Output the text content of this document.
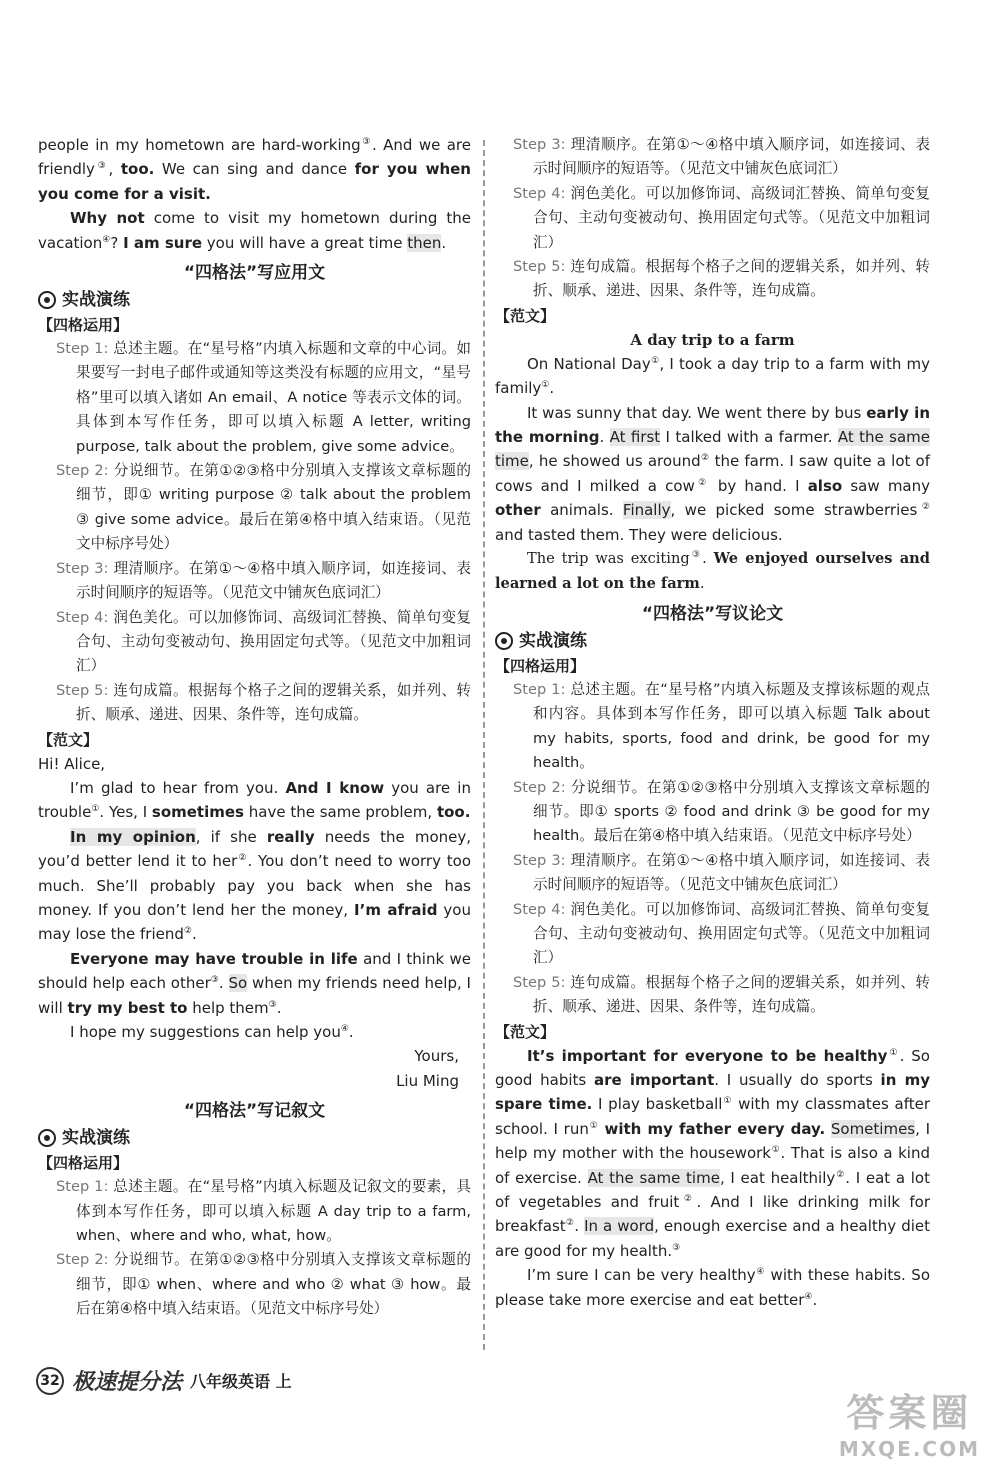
people in my hometown are hard-working③. And we are friendly③, too. We can sing and dance for you when you come for a visit.

Why not come to visit my hometown during the vacation④? I am sure you will have a great time then.

“四格法”写应用文
实战演练
【四格运用】

Step 1: 总述主题。在“星号格”内填入标题和文章的中心词。如果要写一封电子邮件或通知等这类没有标题的应用文，“星号格”里可以填入诸如 An email、A notice 等表示文体的词。具体到本写作任务，即可以填入标题 A letter, writing purpose, talk about the problem, give some advice。

Step 2: 分说细节。在第①②③格中分别填入支撑该文章标题的细节，即① writing purpose ② talk about the problem ③ give some advice。最后在第④格中填入结束语。（见范文中标序号处）

Step 3: 理清顺序。在第①～④格中填入顺序词，如连接词、表示时间顺序的短语等。（见范文中铺灰色底词汇）

Step 4: 润色美化。可以加修饰词、高级词汇替换、简单句变复合句、主动句变被动句、换用固定句式等。（见范文中加粗词汇）

Step 5: 连句成篇。根据每个格子之间的逻辑关系，如并列、转折、顺承、递进、因果、条件等，连句成篇。

【范文】

Hi! Alice,

I’m glad to hear from you. And I know you are in trouble①. Yes, I sometimes have the same problem, too.

In my opinion, if she really needs the money, you’d better lend it to her②. You don’t need to worry too much. She’ll probably pay you back when she has money. If you don’t lend her the money, I’m afraid you may lose the friend②.

Everyone may have trouble in life and I think we should help each other③. So when my friends need help, I will try my best to help them③.

I hope my suggestions can help you④.

Yours,

Liu Ming

“四格法”写记叙文
实战演练
【四格运用】

Step 1: 总述主题。在“星号格”内填入标题及记叙文的要素，具体到本写作任务，即可以填入标题 A day trip to a farm, when、where and who, what, how。

Step 2: 分说细节。在第①②③格中分别填入支撑该文章标题的细节，即① when、where and who ② what ③ how。最后在第④格中填入结束语。（见范文中标序号处）

Step 3: 理清顺序。在第①～④格中填入顺序词，如连接词、表示时间顺序的短语等。（见范文中铺灰色底词汇）

Step 4: 润色美化。可以加修饰词、高级词汇替换、简单句变复合句、主动句变被动句、换用固定句式等。（见范文中加粗词汇）

Step 5: 连句成篇。根据每个格子之间的逻辑关系，如并列、转折、顺承、递进、因果、条件等，连句成篇。

【范文】
A day trip to a farm

On National Day①, I took a day trip to a farm with my family①.

It was sunny that day. We went there by bus early in the morning. At first I talked with a farmer. At the same time, he showed us around② the farm. I saw quite a lot of cows and I milked a cow② by hand. I also saw many other animals. Finally, we picked some strawberries② and tasted them. They were delicious.

The trip was exciting③. We enjoyed ourselves and learned a lot on the farm.

“四格法”写议论文
实战演练
【四格运用】

Step 1: 总述主题。在“星号格”内填入标题及支撑该标题的观点和内容。具体到本写作任务，即可以填入标题 Talk about my habits, sports, food and drink, be good for my health。

Step 2: 分说细节。在第①②③格中分别填入支撑该文章标题的细节。即① sports ② food and drink ③ be good for my health。最后在第④格中填入结束语。（见范文中标序号处）

Step 3: 理清顺序。在第①～④格中填入顺序词，如连接词、表示时间顺序的短语等。（见范文中铺灰色底词汇）

Step 4: 润色美化。可以加修饰词、高级词汇替换、简单句变复合句、主动句变被动句、换用固定句式等。（见范文中加粗词汇）

Step 5: 连句成篇。根据每个格子之间的逻辑关系，如并列、转折、顺承、递进、因果、条件等，连句成篇。

【范文】

It’s important for everyone to be healthy①. So good habits are important. I usually do sports in my spare time. I play basketball① with my classmates after school. I run① with my father every day. Sometimes, I help my mother with the housework①. That is also a kind of exercise. At the same time, I eat healthily②. I eat a lot of vegetables and fruit②. And I like drinking milk for breakfast②. In a word, enough exercise and a healthy diet are good for my health.③

I’m sure I can be very healthy④ with these habits. So please take more exercise and eat better④.

32 极速提分法 八年级英语 上
答案圈
MXQE.COM
